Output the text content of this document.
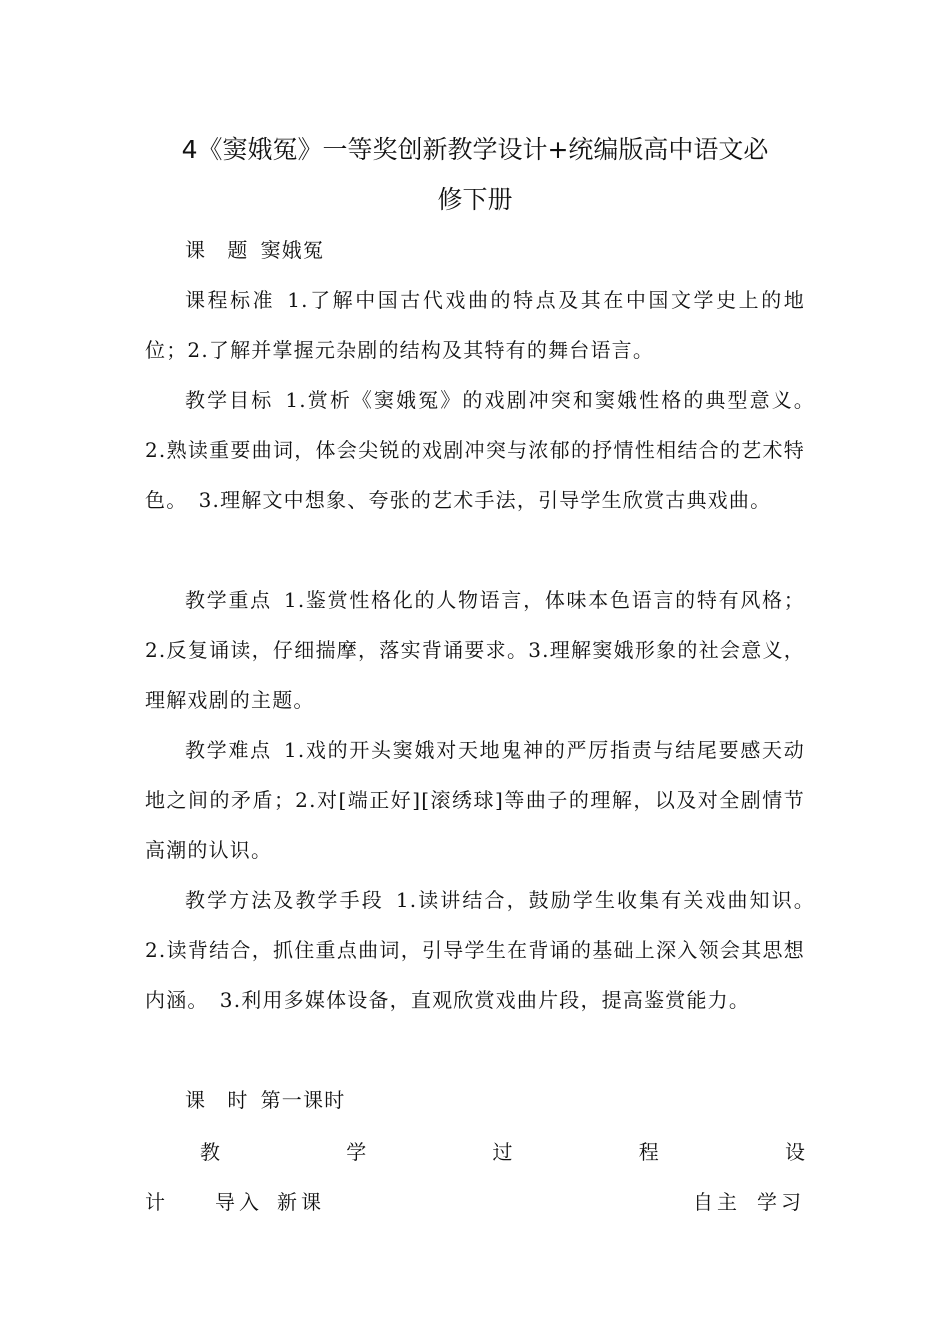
4《窦娥冤》一等奖创新教学设计+统编版高中语文必
修下册

课　题 窦娥冤

课程标准 1.了解中国古代戏曲的特点及其在中国文学史上的地位；2.了解并掌握元杂剧的结构及其特有的舞台语言。

教学目标 1.赏析《窦娥冤》的戏剧冲突和窦娥性格的典型意义。　2.熟读重要曲词，体会尖锐的戏剧冲突与浓郁的抒情性相结合的艺术特色。　3.理解文中想象、夸张的艺术手法，引导学生欣赏古典戏曲。

教学重点 1.鉴赏性格化的人物语言，体味本色语言的特有风格；2.反复诵读，仔细揣摩，落实背诵要求。3.理解窦娥形象的社会意义，理解戏剧的主题。

教学难点 1.戏的开头窦娥对天地鬼神的严厉指责与结尾要感天动地之间的矛盾；2.对[端正好][滚绣球]等曲子的理解，以及对全剧情节高潮的认识。

教学方法及教学手段 1.读讲结合，鼓励学生收集有关戏曲知识。　2.读背结合，抓住重点曲词，引导学生在背诵的基础上深入领会其思想内涵。　3.利用多媒体设备，直观欣赏戏曲片段，提高鉴赏能力。

课　时 第一课时

教	学	过	程	设
计	导入 新课	自主 学习
